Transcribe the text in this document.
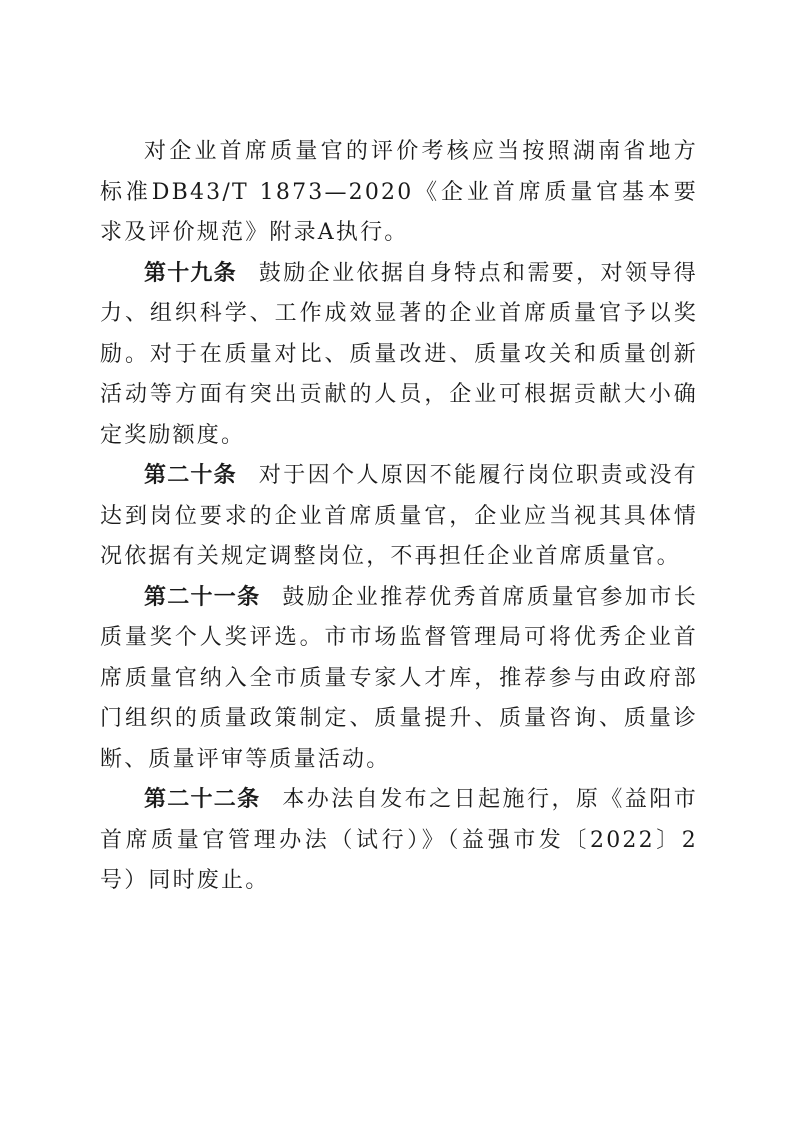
对企业首席质量官的评价考核应当按照湖南省地方标准DB43/T 1873—2020《企业首席质量官基本要求及评价规范》附录A执行。

第十九条 鼓励企业依据自身特点和需要，对领导得力、组织科学、工作成效显著的企业首席质量官予以奖励。对于在质量对比、质量改进、质量攻关和质量创新活动等方面有突出贡献的人员，企业可根据贡献大小确定奖励额度。

第二十条 对于因个人原因不能履行岗位职责或没有达到岗位要求的企业首席质量官，企业应当视其具体情况依据有关规定调整岗位，不再担任企业首席质量官。

第二十一条 鼓励企业推荐优秀首席质量官参加市长质量奖个人奖评选。市市场监督管理局可将优秀企业首席质量官纳入全市质量专家人才库，推荐参与由政府部门组织的质量政策制定、质量提升、质量咨询、质量诊断、质量评审等质量活动。

第二十二条 本办法自发布之日起施行，原《益阳市首席质量官管理办法（试行）》（益强市发〔2022〕2号）同时废止。
